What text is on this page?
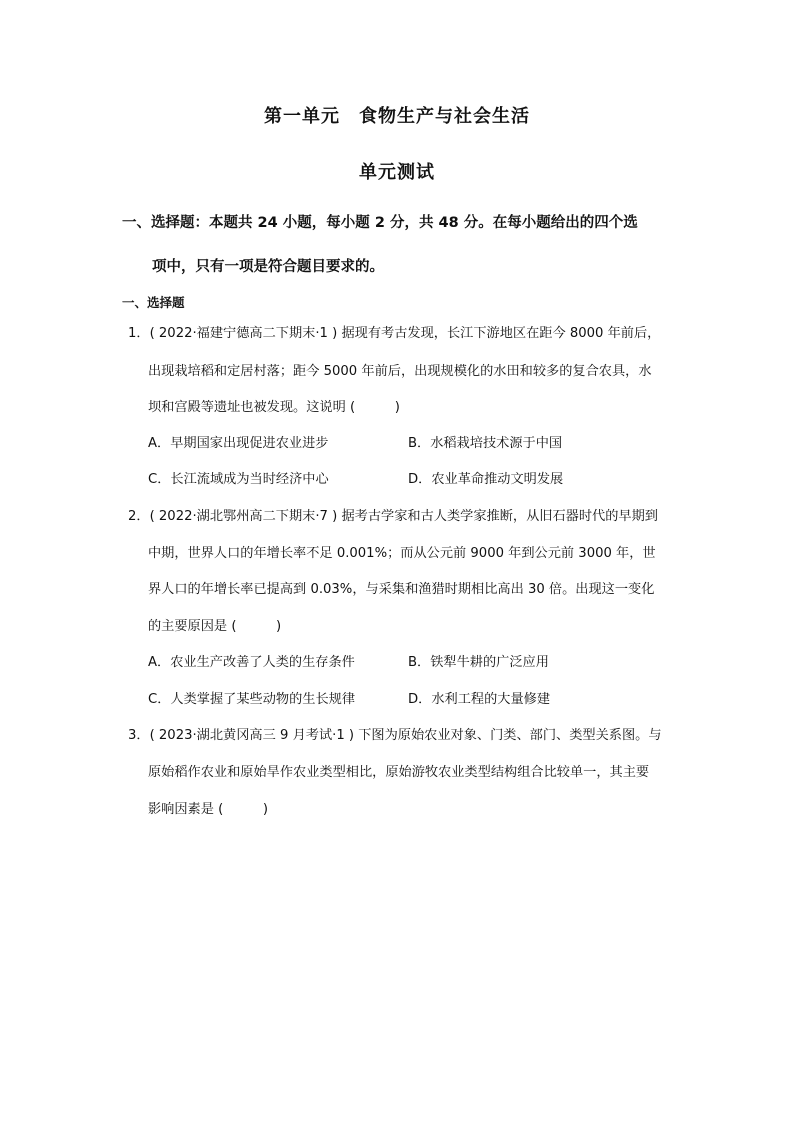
第一单元　食物生产与社会生活
单元测试
一、选择题：本题共 24 小题，每小题 2 分，共 48 分。在每小题给出的四个选
项中，只有一项是符合题目要求的。
一、选择题
1．( 2022·福建宁德高二下期末·1 ) 据现有考古发现，长江下游地区在距今 8000 年前后，
出现栽培稻和定居村落；距今 5000 年前后，出现规模化的水田和较多的复合农具，水
坝和宫殿等遗址也被发现。这说明 (　　　)
A．早期国家出现促进农业进步	B．水稻栽培技术源于中国
C．长江流域成为当时经济中心	D．农业革命推动文明发展
2．( 2022·湖北鄂州高二下期末·7 ) 据考古学家和古人类学家推断，从旧石器时代的早期到
中期，世界人口的年增长率不足 0.001%；而从公元前 9000 年到公元前 3000 年，世
界人口的年增长率已提高到 0.03%，与采集和渔猎时期相比高出 30 倍。出现这一变化
的主要原因是 (　　　)
A．农业生产改善了人类的生存条件	B．铁犁牛耕的广泛应用
C．人类掌握了某些动物的生长规律	D．水利工程的大量修建
3．( 2023·湖北黄冈高三 9 月考试·1 ) 下图为原始农业对象、门类、部门、类型关系图。与
原始稻作农业和原始旱作农业类型相比，原始游牧农业类型结构组合比较单一，其主要
影响因素是 (　　　)
